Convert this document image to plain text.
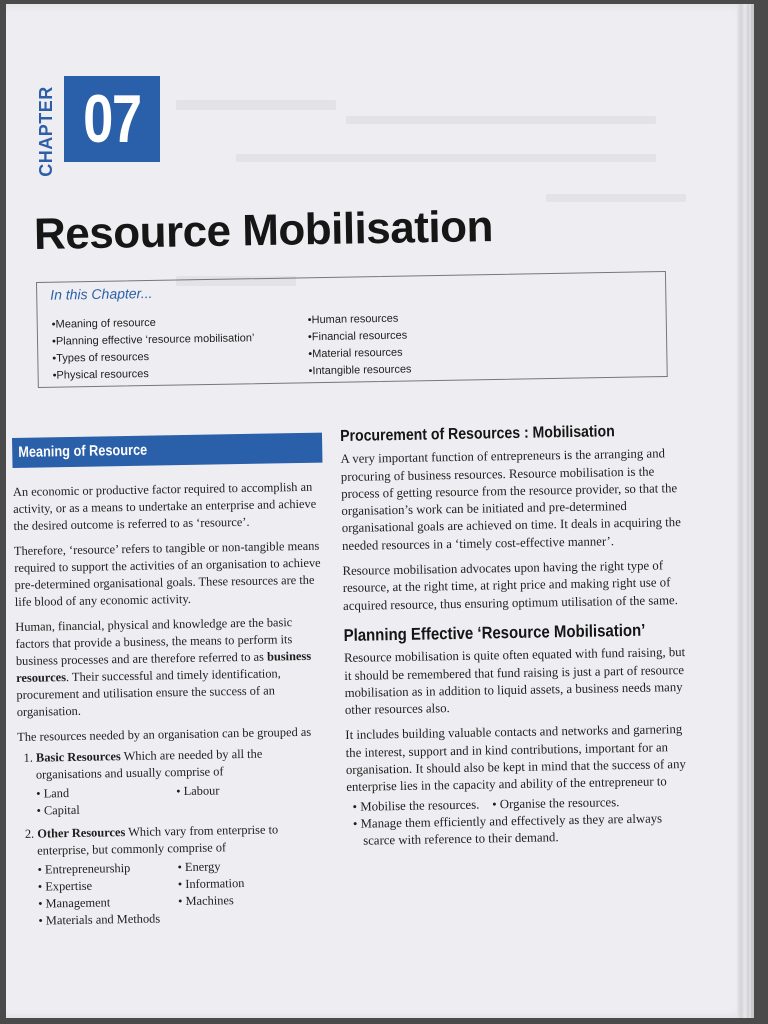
CHAPTER 07
Resource Mobilisation
In this Chapter...
• Meaning of resource
• Planning effective ‘resource mobilisation’
• Types of resources
• Physical resources
• Human resources
• Financial resources
• Material resources
• Intangible resources
Meaning of Resource

An economic or productive factor required to accomplish an activity, or as a means to undertake an enterprise and achieve the desired outcome is referred to as ‘resource’.

Therefore, ‘resource’ refers to tangible or non-tangible means required to support the activities of an organisation to achieve pre-determined organisational goals. These resources are the life blood of any economic activity.

Human, financial, physical and knowledge are the basic factors that provide a business, the means to perform its business processes and are therefore referred to as business resources. Their successful and timely identification, procurement and utilisation ensure the success of an organisation.

The resources needed by an organisation can be grouped as

1. Basic Resources Which are needed by all the organisations and usually comprise of
• Land	• Labour
• Capital
2. Other Resources Which vary from enterprise to enterprise, but commonly comprise of
• Entrepreneurship	• Energy
• Expertise	• Information
• Management	• Machines
• Materials and Methods
Procurement of Resources : Mobilisation

A very important function of entrepreneurs is the arranging and procuring of business resources. Resource mobilisation is the process of getting resource from the resource provider, so that the organisation’s work can be initiated and pre-determined organisational goals are achieved on time. It deals in acquiring the needed resources in a ‘timely cost-effective manner’.

Resource mobilisation advocates upon having the right type of resource, at the right time, at right price and making right use of acquired resource, thus ensuring optimum utilisation of the same.

Planning Effective ‘Resource Mobilisation’

Resource mobilisation is quite often equated with fund raising, but it should be remembered that fund raising is just a part of resource mobilisation as in addition to liquid assets, a business needs many other resources also.

It includes building valuable contacts and networks and garnering the interest, support and in kind contributions, important for an organisation. It should also be kept in mind that the success of any enterprise lies in the capacity and ability of the entrepreneur to

• Mobilise the resources.    • Organise the resources.
• Manage them efficiently and effectively as they are always scarce with reference to their demand.
